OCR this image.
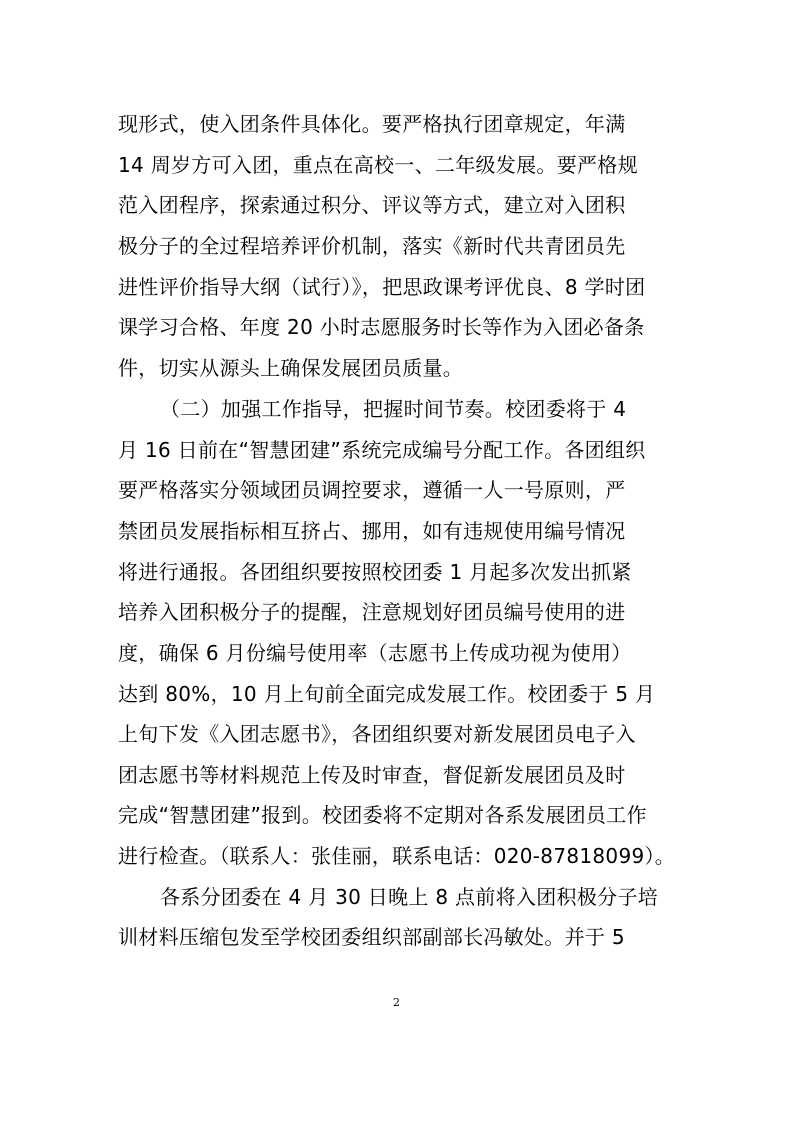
现形式，使入团条件具体化。要严格执行团章规定，年满
14 周岁方可入团，重点在高校一、二年级发展。要严格规
范入团程序，探索通过积分、评议等方式，建立对入团积
极分子的全过程培养评价机制，落实《新时代共青团员先
进性评价指导大纲（试行）》，把思政课考评优良、8 学时团
课学习合格、年度 20 小时志愿服务时长等作为入团必备条
件，切实从源头上确保发展团员质量。
（二）加强工作指导，把握时间节奏。校团委将于 4
月 16 日前在“智慧团建”系统完成编号分配工作。各团组织
要严格落实分领域团员调控要求，遵循一人一号原则，严
禁团员发展指标相互挤占、挪用，如有违规使用编号情况
将进行通报。各团组织要按照校团委 1 月起多次发出抓紧
培养入团积极分子的提醒，注意规划好团员编号使用的进
度，确保 6 月份编号使用率（志愿书上传成功视为使用）
达到 80%，10 月上旬前全面完成发展工作。校团委于 5 月
上旬下发《入团志愿书》，各团组织要对新发展团员电子入
团志愿书等材料规范上传及时审查，督促新发展团员及时
完成“智慧团建”报到。校团委将不定期对各系发展团员工作
进行检查。（联系人：张佳丽，联系电话：020-87818099）。
各系分团委在 4 月 30 日晚上 8 点前将入团积极分子培
训材料压缩包发至学校团委组织部副部长冯敏处。并于 5
2
